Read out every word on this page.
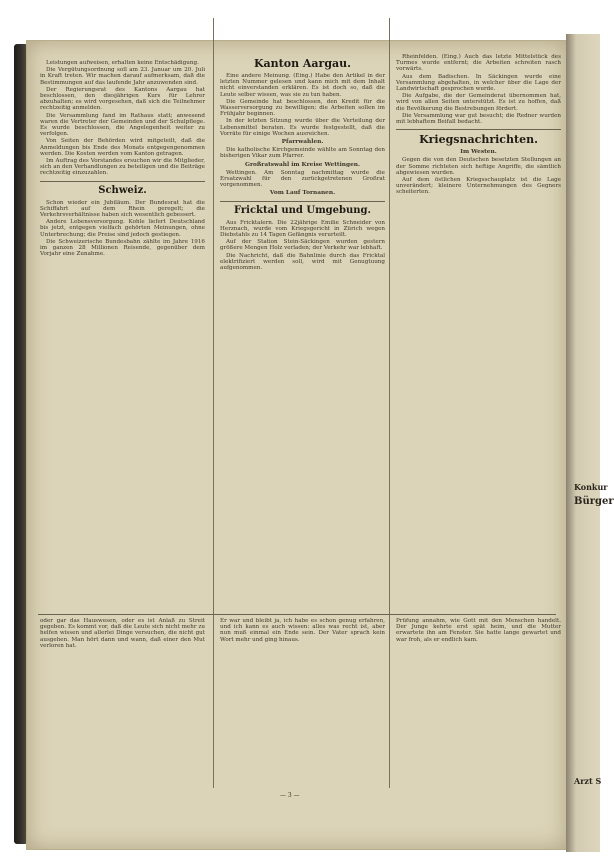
Konkur
Bürger
Arzt S

Leistungen aufweisen, erhalten keine Entschädigung.

Die Vergütungsordnung soll am 23. Januar um 20. Juli in Kraft treten. Wir machen darauf aufmerksam, daß die Bestimmungen auf das laufende Jahr anzuwenden sind.

Der Regierungsrat des Kantons Aargau hat beschlossen, den diesjährigen Kurs für Lehrer abzuhalten; es wird vorgesehen, daß sich die Teilnehmer rechtzeitig anmelden.

Die Versammlung fand im Rathaus statt; anwesend waren die Vertreter der Gemeinden und der Schulpflege. Es wurde beschlossen, die Angelegenheit weiter zu verfolgen.

Von Seiten der Behörden wird mitgeteilt, daß die Anmeldungen bis Ende des Monats entgegengenommen werden. Die Kosten werden vom Kanton getragen.

Im Auftrag des Vorstandes ersuchen wir die Mitglieder, sich an den Verhandlungen zu beteiligen und die Beiträge rechtzeitig einzuzahlen.

Schweiz.

Schon wieder ein Jubiläum. Der Bundesrat hat die Schiffahrt auf dem Rhein geregelt; die Verkehrsverhältnisse haben sich wesentlich gebessert.

Andere Lebensversorgung. Kohle liefert Deutschland bis jetzt, entgegen vielfach gehörten Meinungen, ohne Unterbrechung; die Preise sind jedoch gestiegen.

Die Schweizerische Bundesbahn zählte im Jahre 1916 im ganzen 28 Millionen Reisende, gegenüber dem Vorjahr eine Zunahme.

Kanton Aargau.

Eine andere Meinung. (Eing.) Habe den Artikel in der letzten Nummer gelesen und kann mich mit dem Inhalt nicht einverstanden erklären. Es ist doch so, daß die Leute selber wissen, was sie zu tun haben.

Die Gemeinde hat beschlossen, den Kredit für die Wasserversorgung zu bewilligen; die Arbeiten sollen im Frühjahr beginnen.

In der letzten Sitzung wurde über die Verteilung der Lebensmittel beraten. Es wurde festgestellt, daß die Vorräte für einige Wochen ausreichen.

Pfarrwahlen.

Die katholische Kirchgemeinde wählte am Sonntag den bisherigen Vikar zum Pfarrer.

Großratswahl im Kreise Wettingen.

Wettingen. Am Sonntag nachmittag wurde die Ersatzwahl für den zurückgetretenen Großrat vorgenommen.

Vom Lauf Tornanen.
Fricktal und Umgebung.

Aus Fricktalern. Die 22jährige Emilie Schneider von Herznach, wurde vom Kriegsgericht in Zürich wegen Diebstahls zu 14 Tagen Gefängnis verurteilt.

Auf der Station Stein-Säckingen wurden gestern größere Mengen Holz verladen; der Verkehr war lebhaft.

Die Nachricht, daß die Bahnlinie durch das Fricktal elektrifiziert werden soll, wird mit Genugtuung aufgenommen.

Rheinfelden. (Eing.) Auch das letzte Mittelstück des Turmes wurde entfernt; die Arbeiten schreiten rasch vorwärts.

Aus dem Badischen. In Säckingen wurde eine Versammlung abgehalten, in welcher über die Lage der Landwirtschaft gesprochen wurde.

Die Aufgabe, die der Gemeinderat übernommen hat, wird von allen Seiten unterstützt. Es ist zu hoffen, daß die Bevölkerung die Bestrebungen fördert.

Die Versammlung war gut besucht; die Redner wurden mit lebhaftem Beifall bedacht.

Kriegsnachrichten.
Im Westen.

Gegen die von den Deutschen besetzten Stellungen an der Somme richteten sich heftige Angriffe, die sämtlich abgewiesen wurden.

Auf dem östlichen Kriegsschauplatz ist die Lage unverändert; kleinere Unternehmungen des Gegners scheiterten.

oder gar das Hauswesen, oder es ist Anlaß zu Streit gegeben. Es kommt vor, daß die Leute sich nicht mehr zu helfen wissen und allerlei Dinge versuchen, die nicht gut ausgehen. Man hört dann und wann, daß einer den Mut verloren hat.
Er war und bleibt ja, ich habe es schon genug erfahren, und ich kann es auch wissen: alles was recht ist, aber nun muß einmal ein Ende sein. Der Vater sprach kein Wort mehr und ging hinaus.
Prüfung annahm, wie Gott mit den Menschen handelt. Der Junge kehrte erst spät heim, und die Mutter erwartete ihn am Fenster. Sie hatte lange gewartet und war froh, als er endlich kam.
— 3 —
